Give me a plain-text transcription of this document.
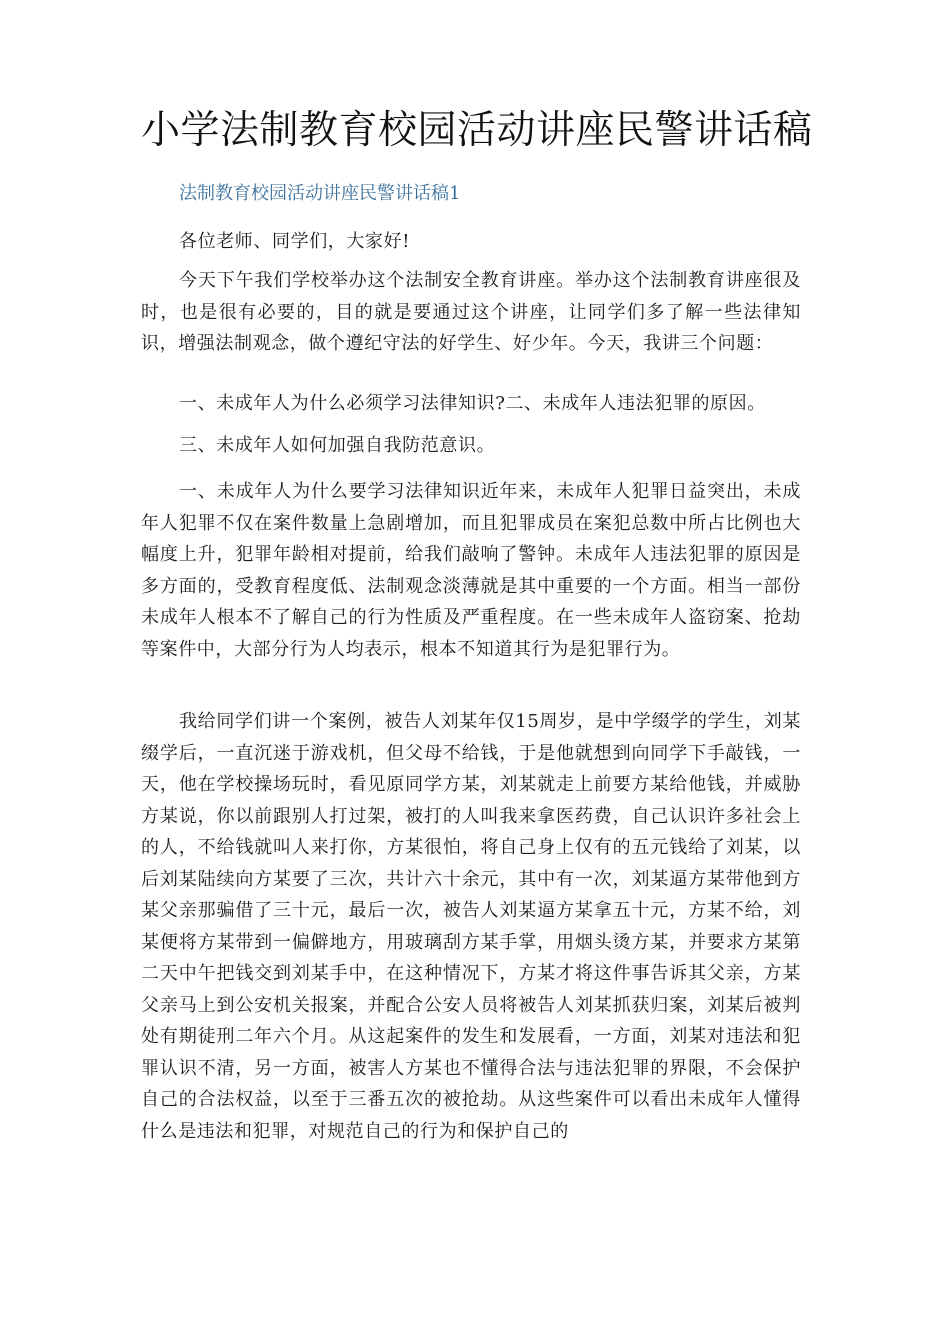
小学法制教育校园活动讲座民警讲话稿
法制教育校园活动讲座民警讲话稿1

各位老师、同学们，大家好!

今天下午我们学校举办这个法制安全教育讲座。举办这个法制教育讲座很及时，也是很有必要的，目的就是要通过这个讲座，让同学们多了解一些法律知识，增强法制观念，做个遵纪守法的好学生、好少年。今天，我讲三个问题：

一、未成年人为什么必须学习法律知识?二、未成年人违法犯罪的原因。

三、未成年人如何加强自我防范意识。

一、未成年人为什么要学习法律知识近年来，未成年人犯罪日益突出，未成年人犯罪不仅在案件数量上急剧增加，而且犯罪成员在案犯总数中所占比例也大幅度上升，犯罪年龄相对提前，给我们敲响了警钟。未成年人违法犯罪的原因是多方面的，受教育程度低、法制观念淡薄就是其中重要的一个方面。相当一部份未成年人根本不了解自己的行为性质及严重程度。在一些未成年人盗窃案、抢劫等案件中，大部分行为人均表示，根本不知道其行为是犯罪行为。

我给同学们讲一个案例，被告人刘某年仅15周岁，是中学缀学的学生，刘某缀学后，一直沉迷于游戏机，但父母不给钱，于是他就想到向同学下手敲钱，一天，他在学校操场玩时，看见原同学方某，刘某就走上前要方某给他钱，并威胁方某说，你以前跟别人打过架，被打的人叫我来拿医药费，自己认识许多社会上的人，不给钱就叫人来打你，方某很怕，将自己身上仅有的五元钱给了刘某，以后刘某陆续向方某要了三次，共计六十余元，其中有一次，刘某逼方某带他到方某父亲那骗借了三十元，最后一次，被告人刘某逼方某拿五十元，方某不给，刘某便将方某带到一偏僻地方，用玻璃刮方某手掌，用烟头烫方某，并要求方某第二天中午把钱交到刘某手中，在这种情况下，方某才将这件事告诉其父亲，方某父亲马上到公安机关报案，并配合公安人员将被告人刘某抓获归案，刘某后被判处有期徒刑二年六个月。从这起案件的发生和发展看，一方面，刘某对违法和犯罪认识不清，另一方面，被害人方某也不懂得合法与违法犯罪的界限，不会保护自己的合法权益，以至于三番五次的被抢劫。从这些案件可以看出未成年人懂得什么是违法和犯罪，对规范自己的行为和保护自己的
